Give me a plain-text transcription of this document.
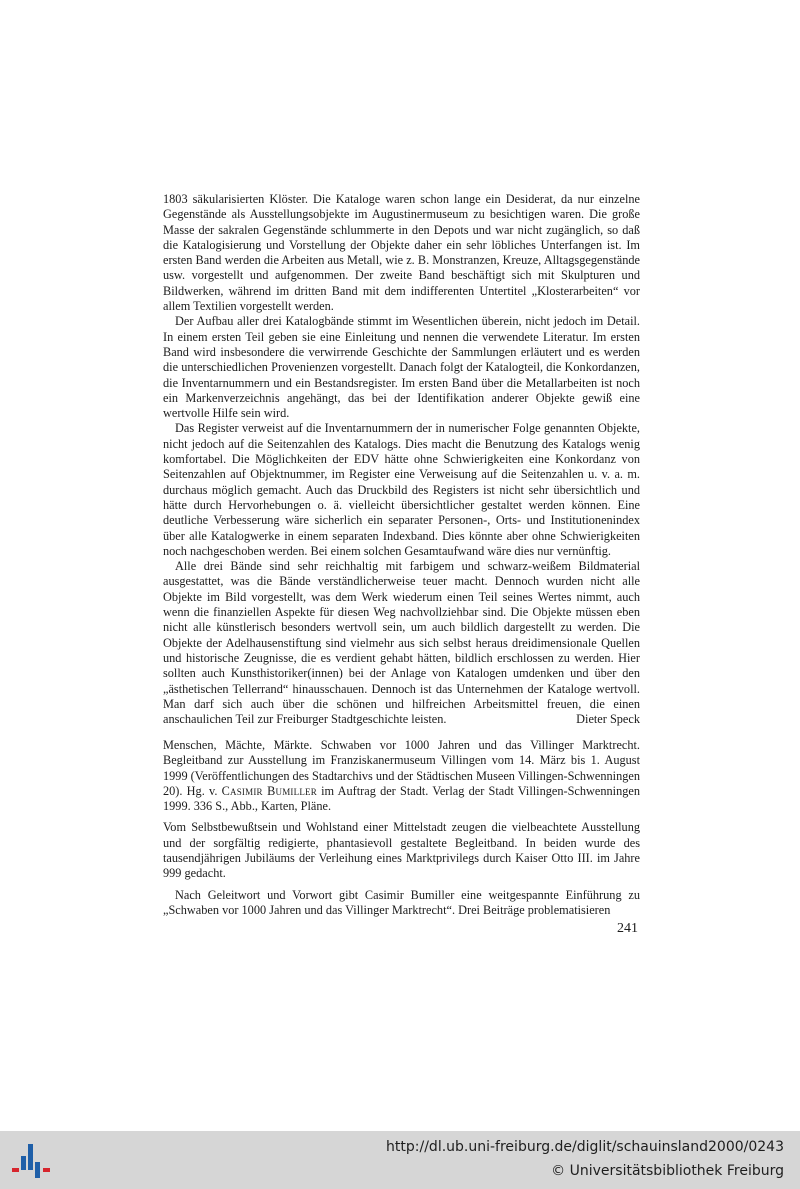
1803 säkularisierten Klöster. Die Kataloge waren schon lange ein Desiderat, da nur einzelne Gegenstände als Ausstellungsobjekte im Augustinermuseum zu besichtigen waren. Die große Masse der sakralen Gegenstände schlummerte in den Depots und war nicht zugänglich, so daß die Katalogisierung und Vorstellung der Objekte daher ein sehr löbliches Unterfangen ist. Im ersten Band werden die Arbeiten aus Metall, wie z. B. Monstranzen, Kreuze, Alltagsgegenstände usw. vorgestellt und aufgenommen. Der zweite Band beschäftigt sich mit Skulpturen und Bildwerken, während im dritten Band mit dem indifferenten Untertitel „Klosterarbeiten“ vor allem Textilien vorgestellt werden.

Der Aufbau aller drei Katalogbände stimmt im Wesentlichen überein, nicht jedoch im Detail. In einem ersten Teil geben sie eine Einleitung und nennen die verwendete Literatur. Im ersten Band wird insbesondere die verwirrende Geschichte der Sammlungen erläutert und es werden die unterschiedlichen Provenienzen vorgestellt. Danach folgt der Katalogteil, die Konkordanzen, die Inventarnummern und ein Bestandsregister. Im ersten Band über die Metallarbeiten ist noch ein Markenverzeichnis angehängt, das bei der Identifikation anderer Objekte gewiß eine wertvolle Hilfe sein wird.

Das Register verweist auf die Inventarnummern der in numerischer Folge genannten Objekte, nicht jedoch auf die Seitenzahlen des Katalogs. Dies macht die Benutzung des Katalogs wenig komfortabel. Die Möglichkeiten der EDV hätte ohne Schwierigkeiten eine Konkordanz von Seitenzahlen auf Objektnummer, im Register eine Verweisung auf die Seitenzahlen u. v. a. m. durchaus möglich gemacht. Auch das Druckbild des Registers ist nicht sehr übersichtlich und hätte durch Hervorhebungen o. ä. vielleicht übersichtlicher gestaltet werden können. Eine deutliche Verbesserung wäre sicherlich ein separater Personen-, Orts- und Institutionenindex über alle Katalogwerke in einem separaten Indexband. Dies könnte aber ohne Schwierigkeiten noch nachgeschoben werden. Bei einem solchen Gesamtaufwand wäre dies nur vernünftig.

Alle drei Bände sind sehr reichhaltig mit farbigem und schwarz-weißem Bildmaterial ausgestattet, was die Bände verständlicherweise teuer macht. Dennoch wurden nicht alle Objekte im Bild vorgestellt, was dem Werk wiederum einen Teil seines Wertes nimmt, auch wenn die finanziellen Aspekte für diesen Weg nachvollziehbar sind. Die Objekte müssen eben nicht alle künstlerisch besonders wertvoll sein, um auch bildlich dargestellt zu werden. Die Objekte der Adelhausenstiftung sind vielmehr aus sich selbst heraus dreidimensionale Quellen und historische Zeugnisse, die es verdient gehabt hätten, bildlich erschlossen zu werden. Hier sollten auch Kunsthistoriker(innen) bei der Anlage von Katalogen umdenken und über den „ästhetischen Tellerrand“ hinausschauen. Dennoch ist das Unternehmen der Kataloge wertvoll. Man darf sich auch über die schönen und hilfreichen Arbeitsmittel freuen, die einen anschaulichen Teil zur Freiburger Stadtgeschichte leisten.	Dieter Speck

Menschen, Mächte, Märkte. Schwaben vor 1000 Jahren und das Villinger Marktrecht. Begleitband zur Ausstellung im Franziskanermuseum Villingen vom 14. März bis 1. August 1999 (Veröffentlichungen des Stadtarchivs und der Städtischen Museen Villingen-Schwenningen 20). Hg. v. Casimir Bumiller im Auftrag der Stadt. Verlag der Stadt Villingen-Schwenningen 1999. 336 S., Abb., Karten, Pläne.

Vom Selbstbewußtsein und Wohlstand einer Mittelstadt zeugen die vielbeachtete Ausstellung und der sorgfältig redigierte, phantasievoll gestaltete Begleitband. In beiden wurde des tausendjährigen Jubiläums der Verleihung eines Marktprivilegs durch Kaiser Otto III. im Jahre 999 gedacht.

Nach Geleitwort und Vorwort gibt Casimir Bumiller eine weitgespannte Einführung zu „Schwaben vor 1000 Jahren und das Villinger Marktrecht“. Drei Beiträge problematisieren

241
http://dl.ub.uni-freiburg.de/diglit/schauinsland2000/0243
© Universitätsbibliothek Freiburg
